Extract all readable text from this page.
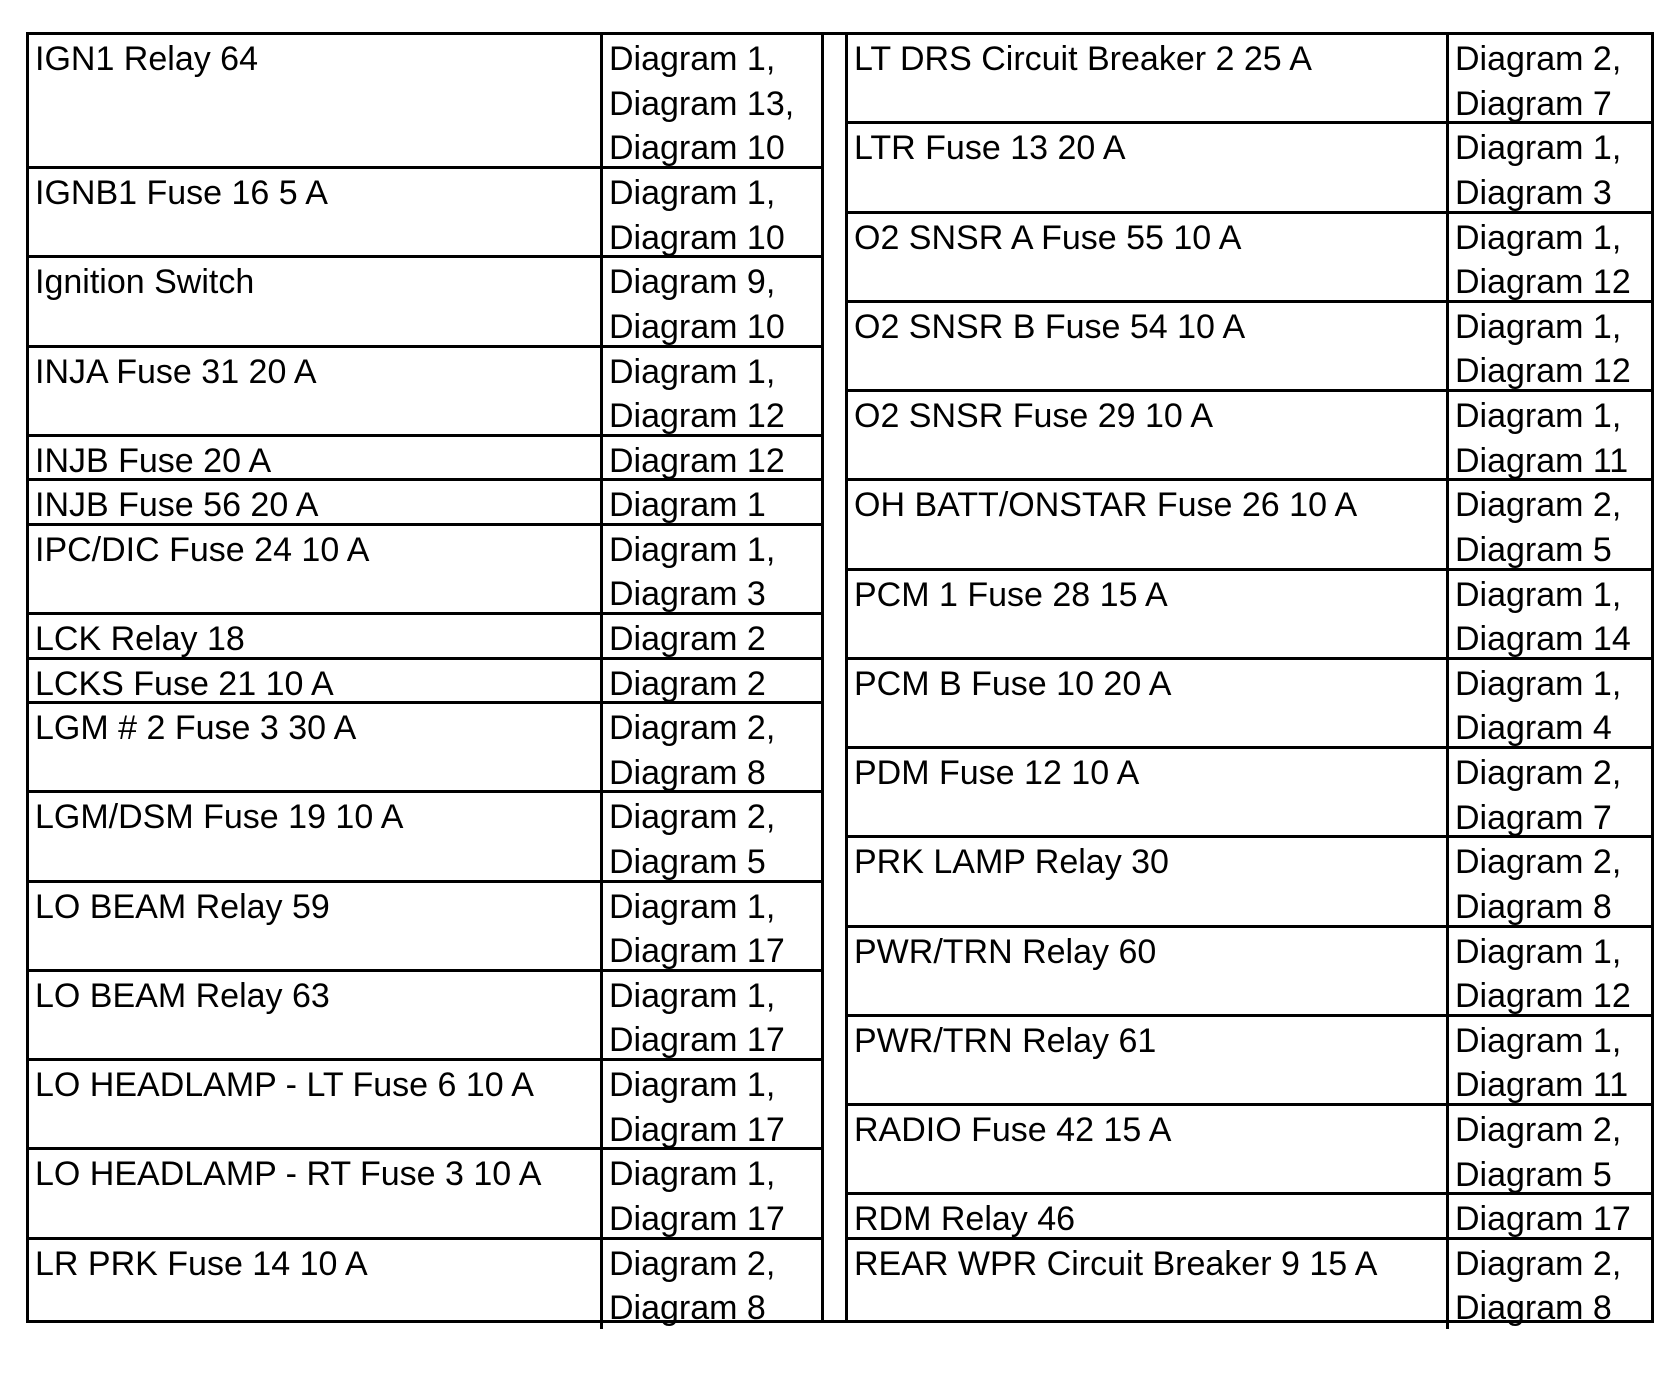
IGN1 Relay 64	Diagram 1,
Diagram 13,
Diagram 10
IGNB1 Fuse 16 5 A	Diagram 1,
Diagram 10
Ignition Switch	Diagram 9,
Diagram 10
INJA Fuse 31 20 A	Diagram 1,
Diagram 12
INJB Fuse 20 A	Diagram 12
INJB Fuse 56 20 A	Diagram 1
IPC/DIC Fuse 24 10 A	Diagram 1,
Diagram 3
LCK Relay 18	Diagram 2
LCKS Fuse 21 10 A	Diagram 2
LGM # 2 Fuse 3 30 A	Diagram 2,
Diagram 8
LGM/DSM Fuse 19 10 A	Diagram 2,
Diagram 5
LO BEAM Relay 59	Diagram 1,
Diagram 17
LO BEAM Relay 63	Diagram 1,
Diagram 17
LO HEADLAMP - LT Fuse 6 10 A	Diagram 1,
Diagram 17
LO HEADLAMP - RT Fuse 3 10 A	Diagram 1,
Diagram 17
LR PRK Fuse 14 10 A	Diagram 2,
Diagram 8
LT DRS Circuit Breaker 2 25 A	Diagram 2,
Diagram 7
LTR Fuse 13 20 A	Diagram 1,
Diagram 3
O2 SNSR A Fuse 55 10 A	Diagram 1,
Diagram 12
O2 SNSR B Fuse 54 10 A	Diagram 1,
Diagram 12
O2 SNSR Fuse 29 10 A	Diagram 1,
Diagram 11
OH BATT/ONSTAR Fuse 26 10 A	Diagram 2,
Diagram 5
PCM 1 Fuse 28 15 A	Diagram 1,
Diagram 14
PCM B Fuse 10 20 A	Diagram 1,
Diagram 4
PDM Fuse 12 10 A	Diagram 2,
Diagram 7
PRK LAMP Relay 30	Diagram 2,
Diagram 8
PWR/TRN Relay 60	Diagram 1,
Diagram 12
PWR/TRN Relay 61	Diagram 1,
Diagram 11
RADIO Fuse 42 15 A	Diagram 2,
Diagram 5
RDM Relay 46	Diagram 17
REAR WPR Circuit Breaker 9 15 A	Diagram 2,
Diagram 8
